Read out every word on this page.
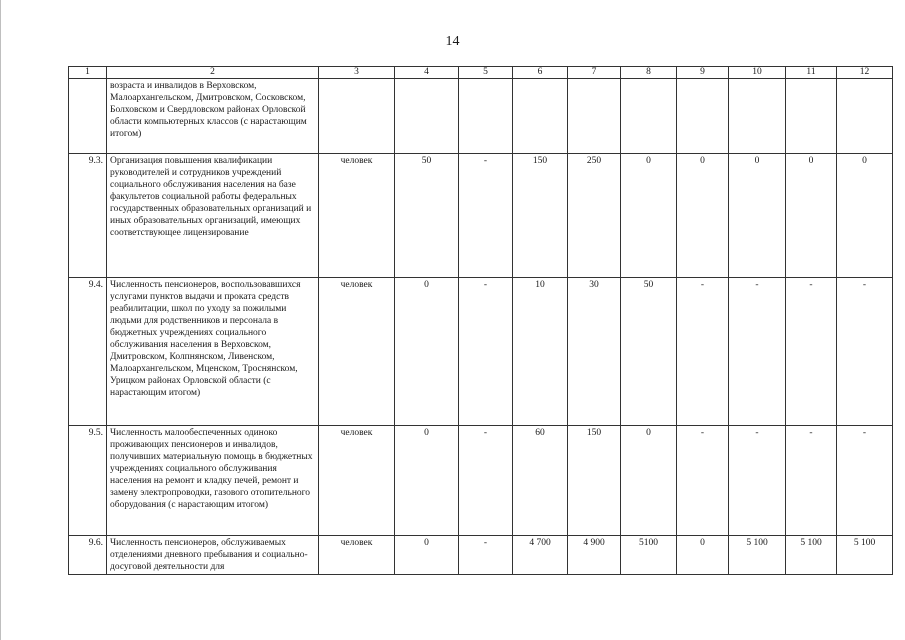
14
1	2	3	4	5	6	7	8	9	10	11	12
	возраста и инвалидов в Верховском, Малоархангельском, Дмитровском, Сосковском, Болховском и Свердловском районах Орловской области компьютерных классов (с нарастающим итогом)										
9.3.	Организация повышения квалификации руководителей и сотрудников учреждений социального обслуживания населения на базе факультетов социальной работы федеральных государственных образовательных организаций и иных образовательных организаций, имеющих соответствующее лицензирование	человек	50	-	150	250	0	0	0	0	0
9.4.	Численность пенсионеров, воспользовавшихся услугами пунктов выдачи и проката средств реабилитации, школ по уходу за пожилыми людьми для родственников и персонала в бюджетных учреждениях социального обслуживания населения в Верховском, Дмитровском, Колпнянском, Ливенском, Малоархангельском, Мценском, Троснянском, Урицком районах Орловской области (с нарастающим итогом)	человек	0	-	10	30	50	-	-	-	-
9.5.	Численность малообеспеченных одиноко проживающих пенсионеров и инвалидов, получивших материальную помощь в бюджетных учреждениях социального обслуживания населения на ремонт и кладку печей, ремонт и замену электропроводки, газового отопительного оборудования (с нарастающим итогом)	человек	0	-	60	150	0	-	-	-	-
9.6.	Численность пенсионеров, обслуживаемых отделениями дневного пребывания и социально-досуговой деятельности для	человек	0	-	4 700	4 900	5100	0	5 100	5 100	5 100
